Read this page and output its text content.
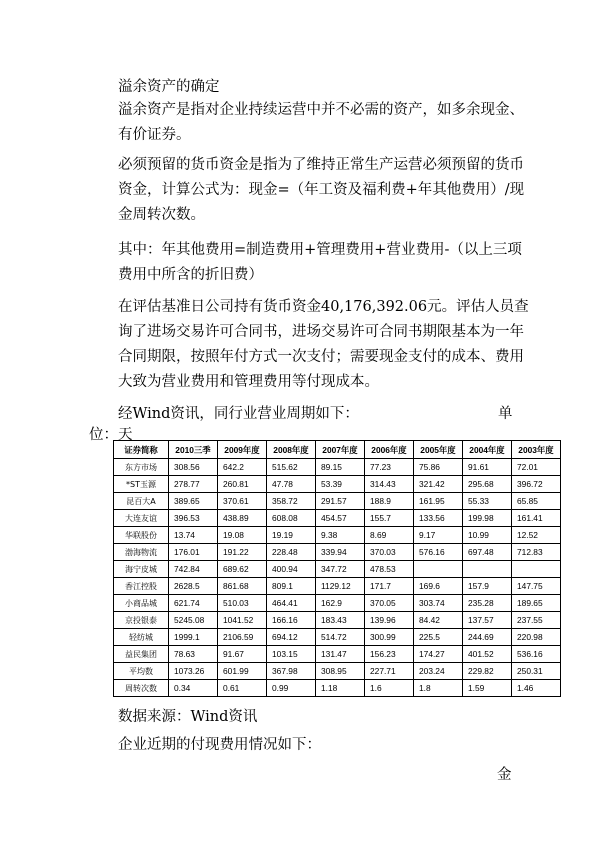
溢余资产的确定
溢余资产是指对企业持续运营中并不必需的资产，如多余现金、有价证券。
必须预留的货币资金是指为了维持正常生产运营必须预留的货币资金，计算公式为：现金=（年工资及福利费+年其他费用）/现金周转次数。
其中：年其他费用=制造费用+管理费用+营业费用-（以上三项费用中所含的折旧费）
在评估基准日公司持有货币资金40,176,392.06元。评估人员查询了进场交易许可合同书，进场交易许可合同书期限基本为一年合同期限，按照年付方式一次支付；需要现金支付的成本、费用大致为营业费用和管理费用等付现成本。
经Wind资讯，同行业营业周期如下：	单
位：天
证券简称	2010三季	2009年度	2008年度	2007年度	2006年度	2005年度	2004年度	2003年度
东方市场	308.56	642.2	515.62	89.15	77.23	75.86	91.61	72.01
*ST玉源	278.77	260.81	47.78	53.39	314.43	321.42	295.68	396.72
昆百大A	389.65	370.61	358.72	291.57	188.9	161.95	55.33	65.85
大连友谊	396.53	438.89	608.08	454.57	155.7	133.56	199.98	161.41
华联股份	13.74	19.08	19.19	9.38	8.69	9.17	10.99	12.52
渤海物流	176.01	191.22	228.48	339.94	370.03	576.16	697.48	712.83
海宁皮城	742.84	689.62	400.94	347.72	478.53			
香江控股	2628.5	861.68	809.1	1129.12	171.7	169.6	157.9	147.75
小商品城	621.74	510.03	464.41	162.9	370.05	303.74	235.28	189.65
京投银泰	5245.08	1041.52	166.16	183.43	139.96	84.42	137.57	237.55
轻纺城	1999.1	2106.59	694.12	514.72	300.99	225.5	244.69	220.98
益民集团	78.63	91.67	103.15	131.47	156.23	174.27	401.52	536.16
平均数	1073.26	601.99	367.98	308.95	227.71	203.24	229.82	250.31
周转次数	0.34	0.61	0.99	1.18	1.6	1.8	1.59	1.46
数据来源：Wind资讯
企业近期的付现费用情况如下：
金
